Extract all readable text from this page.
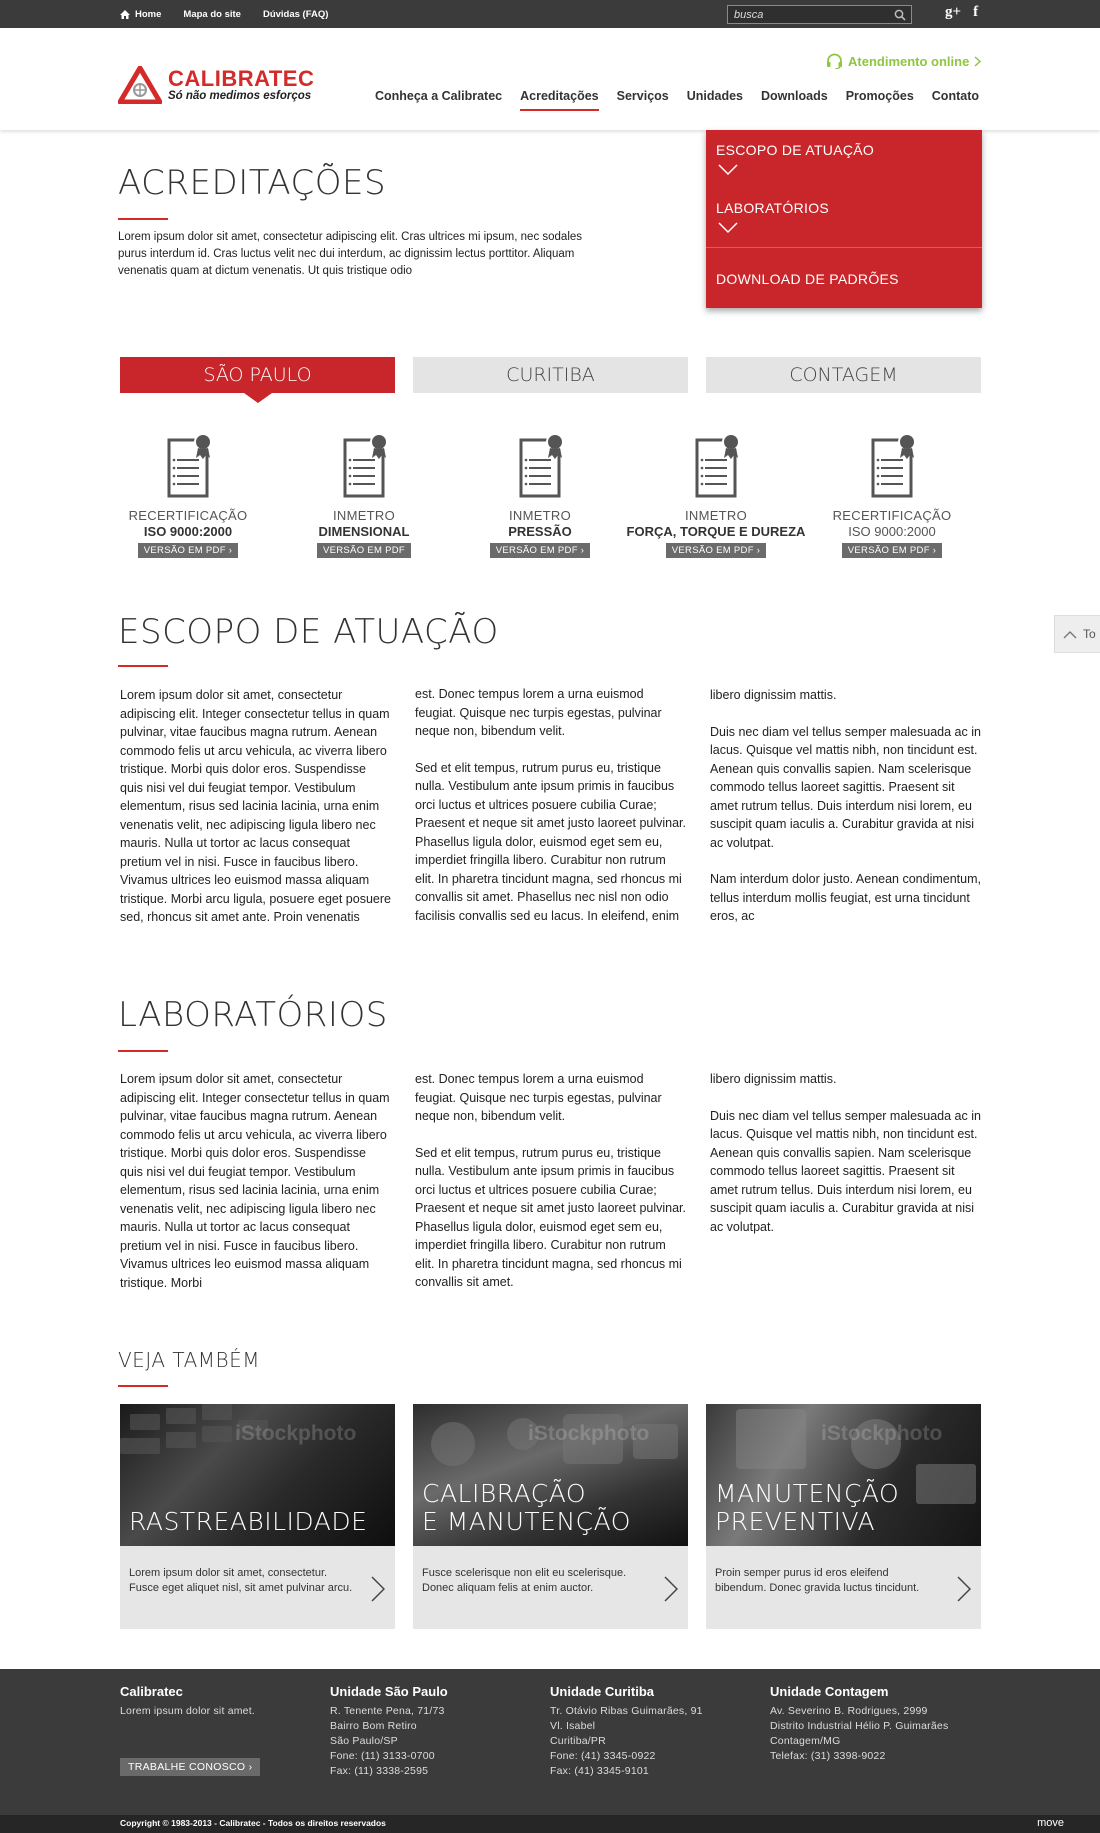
Home Mapa do site Dúvidas (FAQ)
busca	g+ f
CALIBRATEC
Só não medimos esforços
Atendimento online
Conheça a Calibratec Acreditações Serviços Unidades Downloads Promoções Contato
ESCOPO DE ATUAÇÃO
LABORATÓRIOS
DOWNLOAD DE PADRÕES
ACREDITAÇÕES

Lorem ipsum dolor sit amet, consectetur adipiscing elit. Cras ultrices mi ipsum, nec sodales purus interdum id. Cras luctus velit nec dui interdum, ac dignissim lectus porttitor. Aliquam venenatis quam at dictum venenatis. Ut quis tristique odio

SÃO PAULO	CURITIBA	CONTAGEM
RECERTIFICAÇÃO
ISO 9000:2000
VERSÃO EM PDF ›
INMETRO
DIMENSIONAL
VERSÃO EM PDF
INMETRO
PRESSÃO
VERSÃO EM PDF ›
INMETRO
FORÇA, TORQUE E DUREZA
VERSÃO EM PDF ›
RECERTIFICAÇÃO
ISO 9000:2000
VERSÃO EM PDF ›
To
ESCOPO DE ATUAÇÃO

Lorem ipsum dolor sit amet, consectetur adipiscing elit. Integer consectetur tellus in quam pulvinar, vitae faucibus magna rutrum. Aenean commodo felis ut arcu vehicula, ac viverra libero tristique. Morbi quis dolor eros. Suspendisse quis nisi vel dui feugiat tempor. Vestibulum elementum, risus sed lacinia lacinia, urna enim venenatis velit, nec adipiscing ligula libero nec mauris. Nulla ut tortor ac lacus consequat pretium vel in nisi. Fusce in faucibus libero. Vivamus ultrices leo euismod massa aliquam tristique. Morbi arcu ligula, posuere eget posuere sed, rhoncus sit amet ante. Proin venenatis

est. Donec tempus lorem a urna euismod feugiat. Quisque nec turpis egestas, pulvinar neque non, bibendum velit.
Sed et elit tempus, rutrum purus eu, tristique nulla. Vestibulum ante ipsum primis in faucibus orci luctus et ultrices posuere cubilia Curae; Praesent et neque sit amet justo laoreet pulvinar. Phasellus ligula dolor, euismod eget sem eu, imperdiet fringilla libero. Curabitur non rutrum elit. In pharetra tincidunt magna, sed rhoncus mi convallis sit amet. Phasellus nec nisl non odio facilisis convallis sed eu lacus. In eleifend, enim

libero dignissim mattis.
Duis nec diam vel tellus semper malesuada ac in lacus. Quisque vel mattis nibh, non tincidunt est. Aenean quis convallis sapien. Nam scelerisque commodo tellus laoreet sagittis. Praesent sit amet rutrum tellus. Duis interdum nisi lorem, eu suscipit quam iaculis a. Curabitur gravida at nisi ac volutpat.
Nam interdum dolor justo. Aenean condimentum, tellus interdum mollis feugiat, est urna tincidunt eros, ac

LABORATÓRIOS

Lorem ipsum dolor sit amet, consectetur adipiscing elit. Integer consectetur tellus in quam pulvinar, vitae faucibus magna rutrum. Aenean commodo felis ut arcu vehicula, ac viverra libero tristique. Morbi quis dolor eros. Suspendisse quis nisi vel dui feugiat tempor. Vestibulum elementum, risus sed lacinia lacinia, urna enim venenatis velit, nec adipiscing ligula libero nec mauris. Nulla ut tortor ac lacus consequat pretium vel in nisi. Fusce in faucibus libero. Vivamus ultrices leo euismod massa aliquam tristique. Morbi

est. Donec tempus lorem a urna euismod feugiat. Quisque nec turpis egestas, pulvinar neque non, bibendum velit.
Sed et elit tempus, rutrum purus eu, tristique nulla. Vestibulum ante ipsum primis in faucibus orci luctus et ultrices posuere cubilia Curae; Praesent et neque sit amet justo laoreet pulvinar. Phasellus ligula dolor, euismod eget sem eu, imperdiet fringilla libero. Curabitur non rutrum elit. In pharetra tincidunt magna, sed rhoncus mi convallis sit amet.

libero dignissim mattis.
Duis nec diam vel tellus semper malesuada ac in lacus. Quisque vel mattis nibh, non tincidunt est. Aenean quis convallis sapien. Nam scelerisque commodo tellus laoreet sagittis. Praesent sit amet rutrum tellus. Duis interdum nisi lorem, eu suscipit quam iaculis a. Curabitur gravida at nisi ac volutpat.

VEJA TAMBÉM
iStockphoto
RASTREABILIDADE
Lorem ipsum dolor sit amet, consectetur. Fusce eget aliquet nisl, sit amet pulvinar arcu.
iStockphoto
CALIBRAÇÃO
E MANUTENÇÃO
Fusce scelerisque non elit eu scelerisque. Donec aliquam felis at enim auctor.
iStockphoto
MANUTENÇÃO
PREVENTIVA
Proin semper purus id eros eleifend bibendum. Donec gravida luctus tincidunt.
Calibratec
Lorem ipsum dolor sit amet.
TRABALHE CONOSCO ›
Unidade São Paulo
R. Tenente Pena, 71/73
Bairro Bom Retiro
São Paulo/SP
Fone: (11) 3133-0700
Fax: (11) 3338-2595
Unidade Curitiba
Tr. Otávio Ribas Guimarães, 91
Vl. Isabel
Curitiba/PR
Fone: (41) 3345-0922
Fax: (41) 3345-9101
Unidade Contagem
Av. Severino B. Rodrigues, 2999
Distrito Industrial Hélio P. Guimarães
Contagem/MG
Telefax: (31) 3398-9022
Copyright © 1983-2013 - Calibratec - Todos os direitos reservados	move
